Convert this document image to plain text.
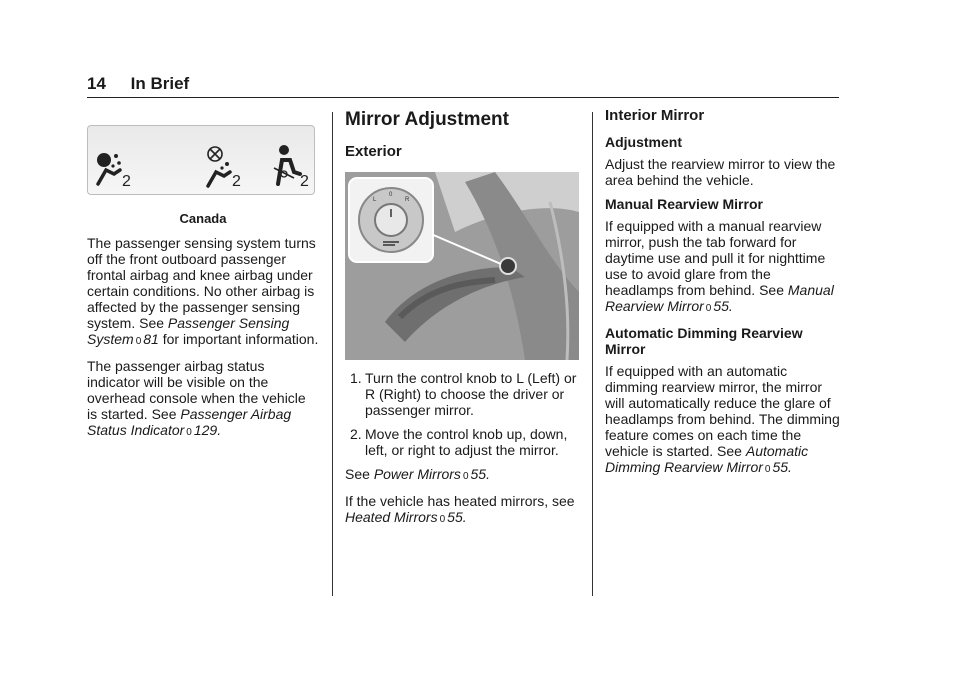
14 In Brief
2	2	2
Canada

The passenger sensing system turns off the front outboard passenger frontal airbag and knee airbag under certain conditions. No other airbag is affected by the passenger sensing system. See Passenger Sensing System 0 81 for important information.

The passenger airbag status indicator will be visible on the overhead console when the vehicle is started. See Passenger Airbag Status Indicator 0 129.

Mirror Adjustment
Exterior
L
0
R
1. Turn the control knob to L (Left) or R (Right) to choose the driver or passenger mirror.
2. Move the control knob up, down, left, or right to adjust the mirror.

See Power Mirrors 0 55.

If the vehicle has heated mirrors, see Heated Mirrors 0 55.

Interior Mirror
Adjustment

Adjust the rearview mirror to view the area behind the vehicle.

Manual Rearview Mirror

If equipped with a manual rearview mirror, push the tab forward for daytime use and pull it for nighttime use to avoid glare from the headlamps from behind. See Manual Rearview Mirror 0 55.

Automatic Dimming Rearview Mirror

If equipped with an automatic dimming rearview mirror, the mirror will automatically reduce the glare of headlamps from behind. The dimming feature comes on each time the vehicle is started. See Automatic Dimming Rearview Mirror 0 55.
